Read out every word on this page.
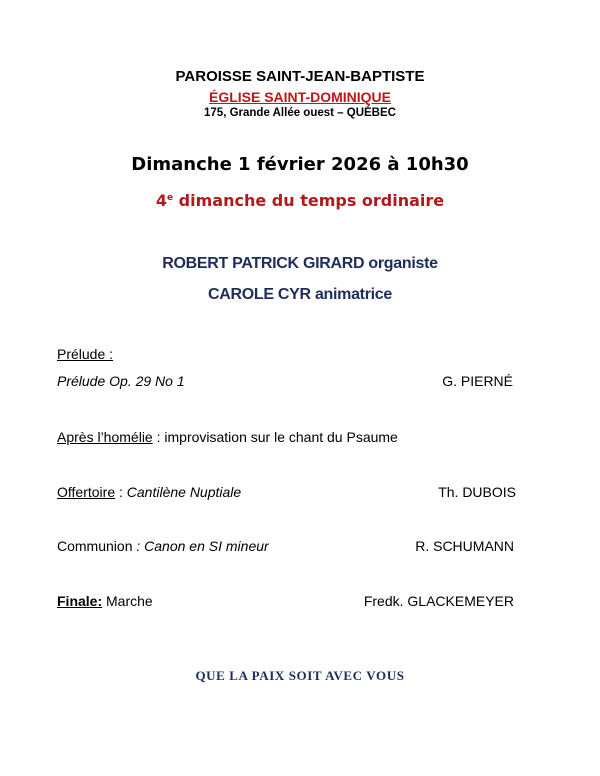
PAROISSE SAINT-JEAN-BAPTISTE
ÉGLISE SAINT-DOMINIQUE
175, Grande Allée ouest – QUÉBEC
Dimanche 1 février 2026 à 10h30
4e dimanche du temps ordinaire
ROBERT PATRICK GIRARD organiste
CAROLE CYR animatrice
Prélude :
Prélude Op. 29 No 1	G. PIERNÉ
Après l’homélie : improvisation sur le chant du Psaume
Offertoire : Cantilène Nuptiale	Th. DUBOIS
Communion : Canon en SI mineur	R. SCHUMANN
Finale: Marche	Fredk. GLACKEMEYER
QUE LA PAIX SOIT AVEC VOUS
